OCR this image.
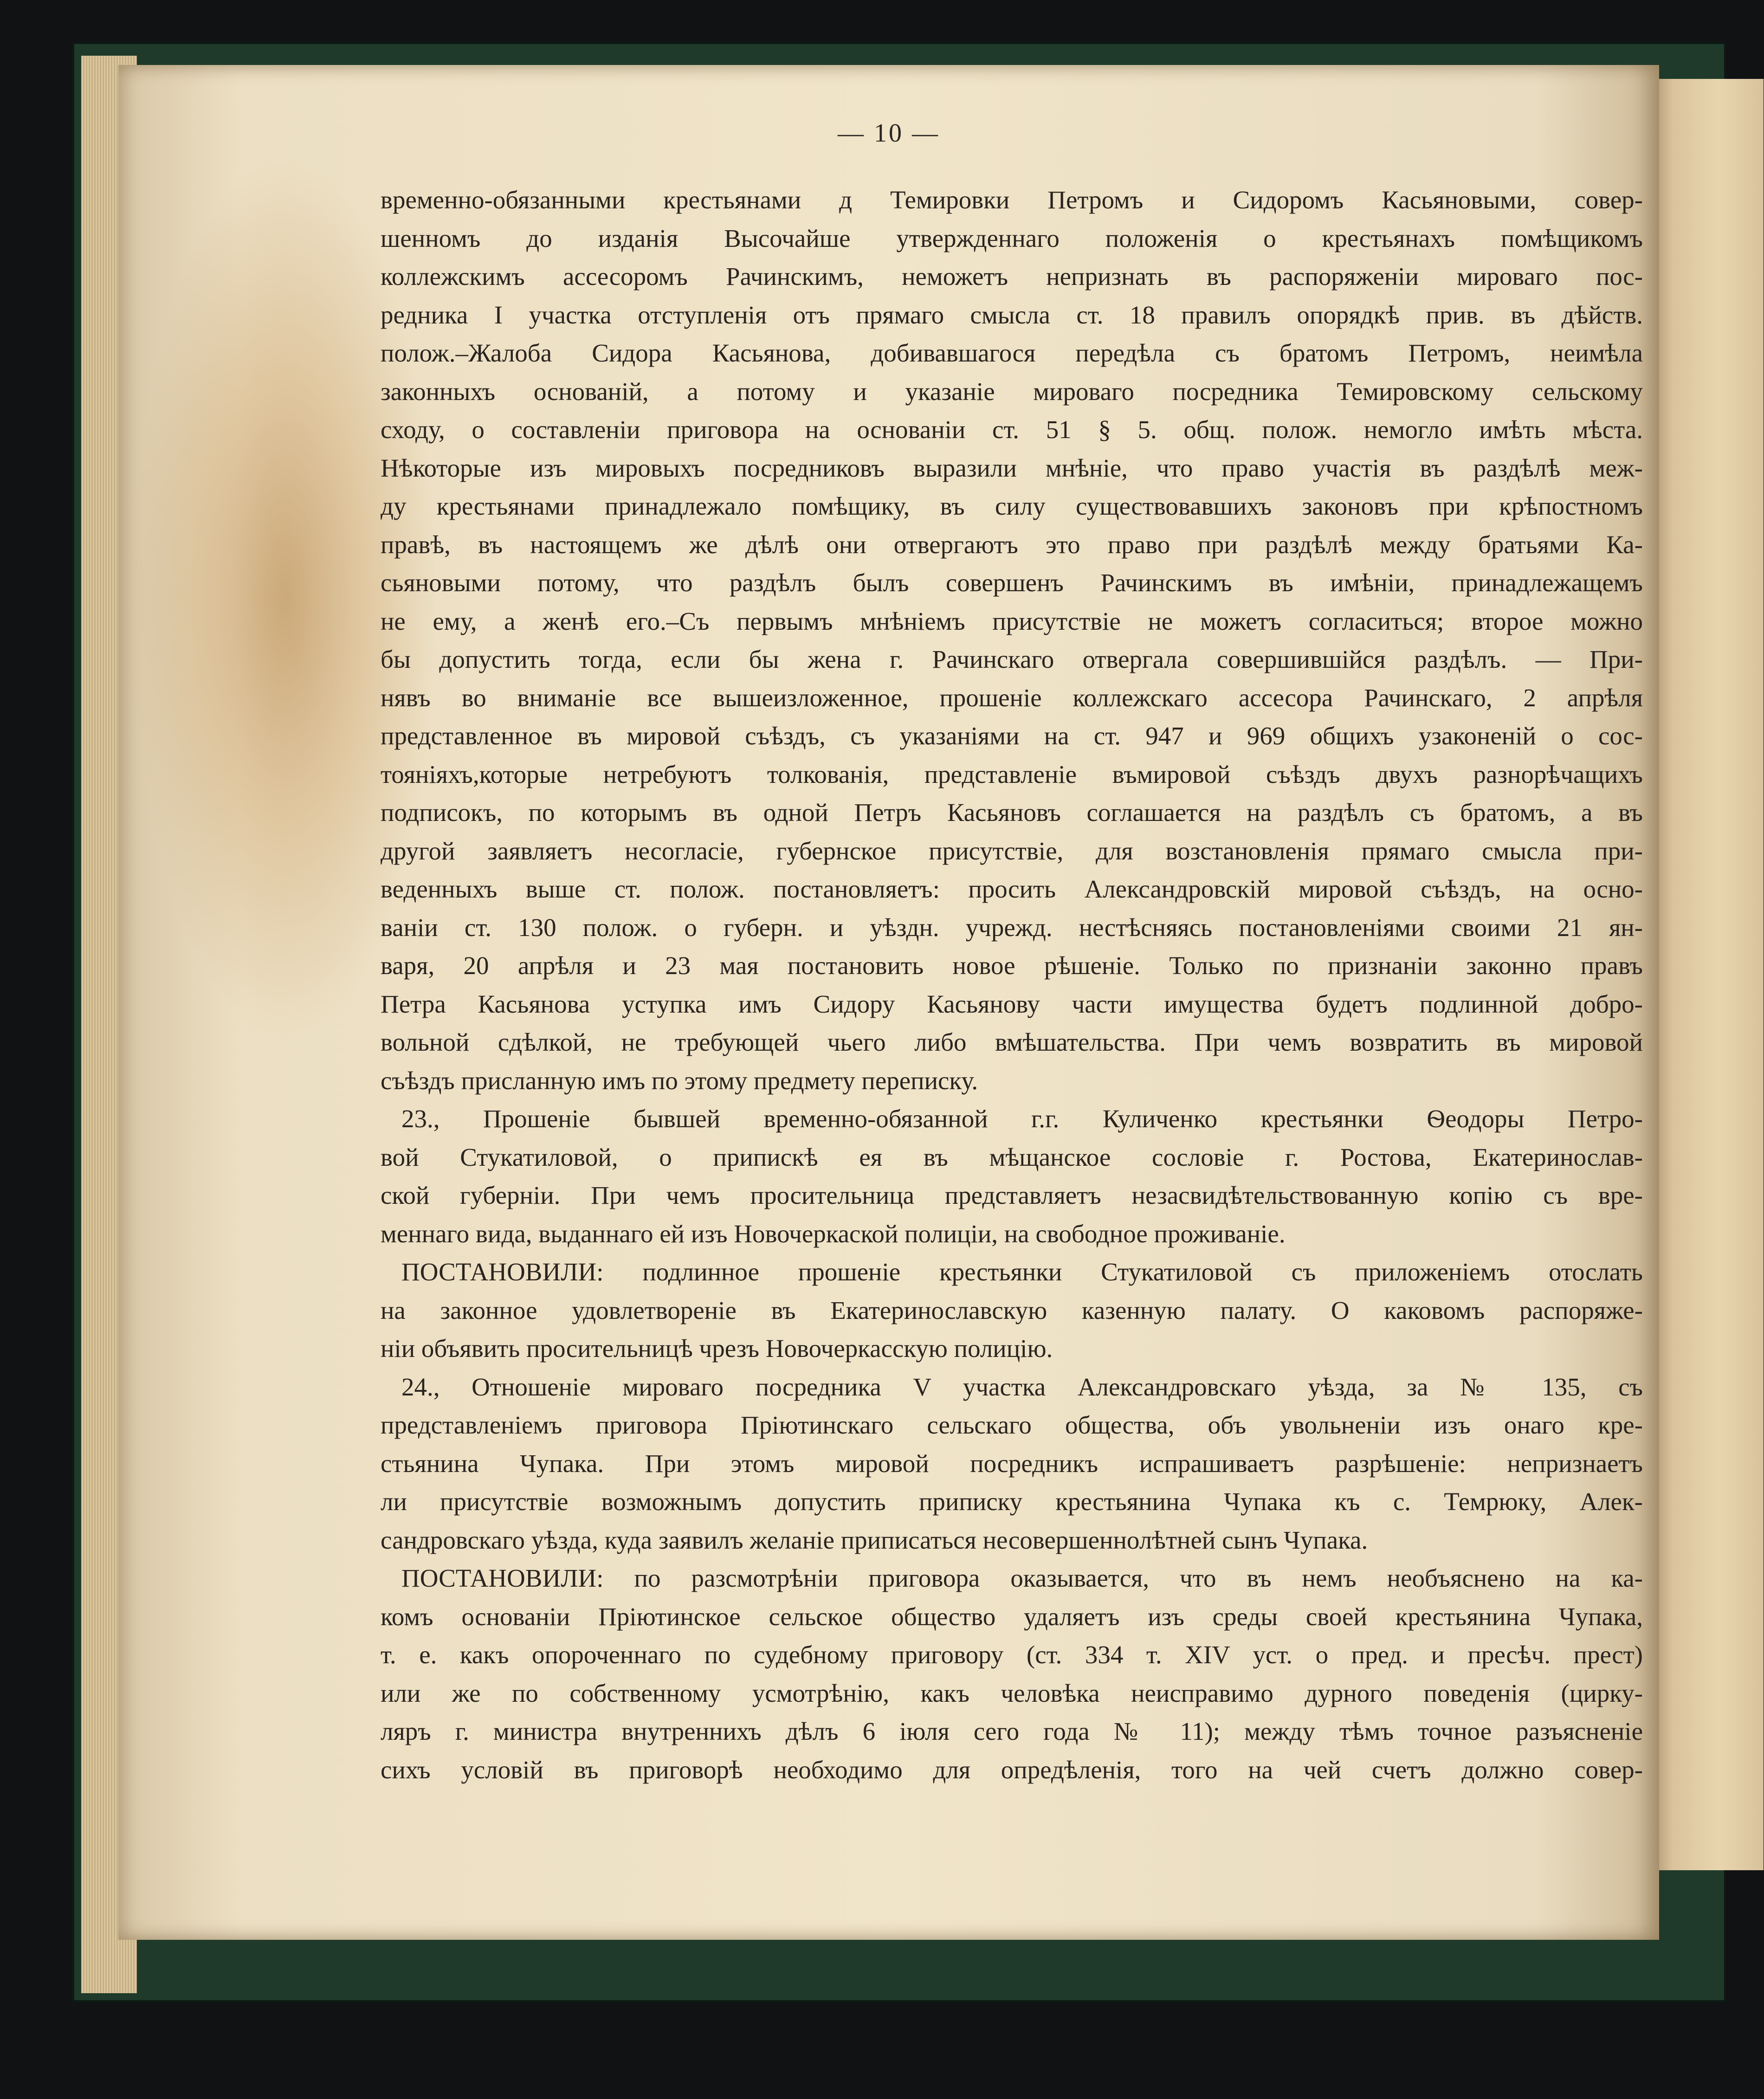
— 10 —
временно-обязанными крестьянами д Темировки Петромъ и Сидоромъ Касьяновыми, совер-
шенномъ до изданія Высочайше утвержденнаго положенія о крестьянахъ помѣщикомъ
коллежскимъ ассесоромъ Рачинскимъ, неможетъ непризнать въ распоряженіи мироваго пос-
редника I участка отступленія отъ прямаго смысла ст. 18 правилъ опорядкѣ прив. въ дѣйств.
полож.–Жалоба Сидора Касьянова, добивавшагося передѣла съ братомъ Петромъ, неимѣла
законныхъ основаній, а потому и указаніе мироваго посредника Темировскому сельскому
сходу, о составленіи приговора на основаніи ст. 51 § 5. общ. полож. немогло имѣть мѣста.
Нѣкоторые изъ мировыхъ посредниковъ выразили мнѣніе, что право участія въ раздѣлѣ меж-
ду крестьянами принадлежало помѣщику, въ силу существовавшихъ законовъ при крѣпостномъ
правѣ, въ настоящемъ же дѣлѣ они отвергаютъ это право при раздѣлѣ между братьями Ка-
сьяновыми потому, что раздѣлъ былъ совершенъ Рачинскимъ въ имѣніи, принадлежащемъ
не ему, а женѣ его.–Съ первымъ мнѣніемъ присутствіе не можетъ согласиться; второе можно
бы допустить тогда, если бы жена г. Рачинскаго отвергала совершившійся раздѣлъ. — При-
нявъ во вниманіе все вышеизложенное, прошеніе коллежскаго ассесора Рачинскаго, 2 апрѣля
представленное въ мировой съѣздъ, съ указаніями на ст. 947 и 969 общихъ узаконеній о сос-
тояніяхъ,которые нетребуютъ толкованія, представленіе въмировой съѣздъ двухъ разнорѣчащихъ
подписокъ, по которымъ въ одной Петръ Касьяновъ соглашается на раздѣлъ съ братомъ, а въ
другой заявляетъ несогласіе, губернское присутствіе, для возстановленія прямаго смысла при-
веденныхъ выше ст. полож. постановляетъ: просить Александровскій мировой съѣздъ, на осно-
ваніи ст. 130 полож. о губерн. и уѣздн. учрежд. нестѣсняясь постановленіями своими 21 ян-
варя, 20 апрѣля и 23 мая постановить новое рѣшеніе. Только по признаніи законно правъ
Петра Касьянова уступка имъ Сидору Касьянову части имущества будетъ подлинной добро-
вольной сдѣлкой, не требующей чьего либо вмѣшательства. При чемъ возвратить въ мировой
съѣздъ присланную имъ по этому предмету переписку.
23., Прошеніе бывшей временно-обязанной г.г. Куличенко крестьянки Ѳеодоры Петро-
вой Стукатиловой, о припискѣ ея въ мѣщанское сословіе г. Ростова, Екатеринослав-
ской губерніи. При чемъ просительница представляетъ незасвидѣтельствованную копію съ вре-
меннаго вида, выданнаго ей изъ Новочеркаской полиціи, на свободное проживаніе.
ПОСТАНОВИЛИ: подлинное прошеніе крестьянки Стукатиловой съ приложеніемъ отослать
на законное удовлетвореніе въ Екатеринославскую казенную палату. О каковомъ распоряже-
ніи объявить просительницѣ чрезъ Новочеркасскую полицію.
24., Отношеніе мироваго посредника V участка Александровскаго уѣзда, за № 135, съ
представленіемъ приговора Пріютинскаго сельскаго общества, объ увольненіи изъ онаго кре-
стьянина Чупака. При этомъ мировой посредникъ испрашиваетъ разрѣшеніе: непризнаетъ
ли присутствіе возможнымъ допустить приписку крестьянина Чупака къ с. Темрюку, Алек-
сандровскаго уѣзда, куда заявилъ желаніе приписаться несовершеннолѣтней сынъ Чупака.
ПОСТАНОВИЛИ: по разсмотрѣніи приговора оказывается, что въ немъ необъяснено на ка-
комъ основаніи Пріютинское сельское общество удаляетъ изъ среды своей крестьянина Чупака,
т. е. какъ опороченнаго по судебному приговору (ст. 334 т. XIV уст. о пред. и пресѣч. прест)
или же по собственному усмотрѣнію, какъ человѣка неисправимо дурного поведенія (цирку-
ляръ г. министра внутреннихъ дѣлъ 6 іюля сего года № 11); между тѣмъ точное разъясненіе
сихъ условій въ приговорѣ необходимо для опредѣленія, того на чей счетъ должно совер-
